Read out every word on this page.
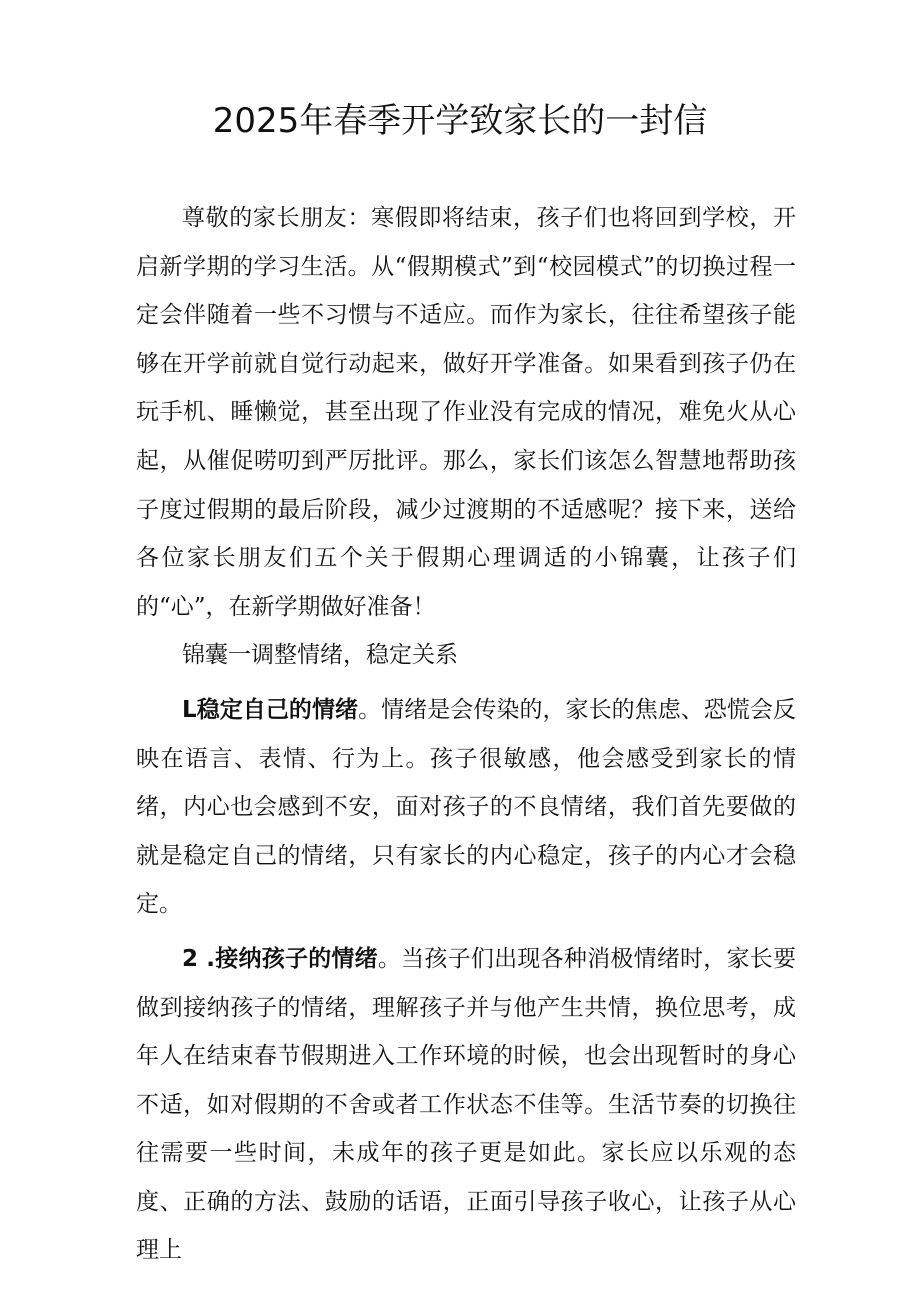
2025年春季开学致家长的一封信

尊敬的家长朋友：寒假即将结束，孩子们也将回到学校，开启新学期的学习生活。从“假期模式”到“校园模式”的切换过程一定会伴随着一些不习惯与不适应。而作为家长，往往希望孩子能够在开学前就自觉行动起来，做好开学准备。如果看到孩子仍在玩手机、睡懒觉，甚至出现了作业没有完成的情况，难免火从心起，从催促唠叨到严厉批评。那么，家长们该怎么智慧地帮助孩子度过假期的最后阶段，减少过渡期的不适感呢？接下来，送给各位家长朋友们五个关于假期心理调适的小锦囊，让孩子们的“心”，在新学期做好准备！

锦囊一调整情绪，稳定关系

L稳定自己的情绪。情绪是会传染的，家长的焦虑、恐慌会反映在语言、表情、行为上。孩子很敏感，他会感受到家长的情绪，内心也会感到不安，面对孩子的不良情绪，我们首先要做的就是稳定自己的情绪，只有家长的内心稳定，孩子的内心才会稳定。

2 .接纳孩子的情绪。当孩子们出现各种消极情绪时，家长要做到接纳孩子的情绪，理解孩子并与他产生共情，换位思考，成年人在结束春节假期进入工作环境的时候，也会出现暂时的身心不适，如对假期的不舍或者工作状态不佳等。生活节奏的切换往往需要一些时间，未成年的孩子更是如此。家长应以乐观的态度、正确的方法、鼓励的话语，正面引导孩子收心，让孩子从心理上
